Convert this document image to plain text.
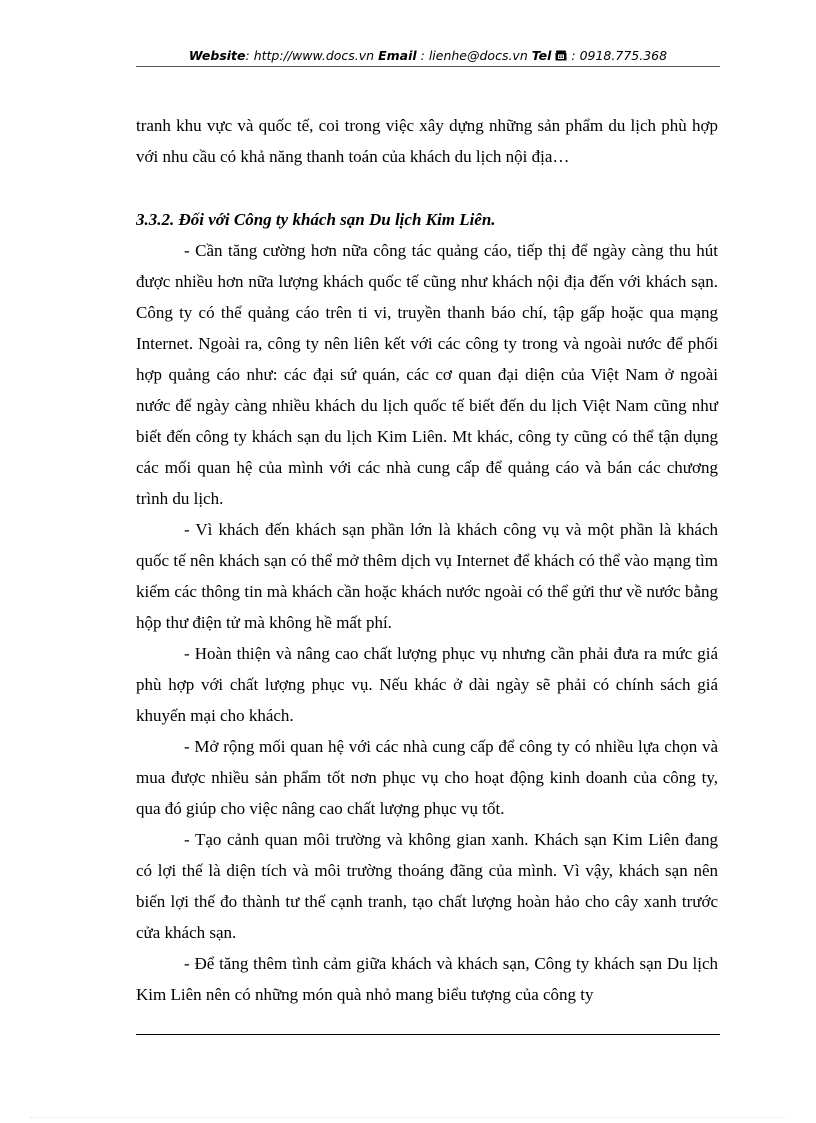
Website: http://www.docs.vn Email : lienhe@docs.vn Tel : 0918.775.368

tranh khu vực và quốc tế, coi trong việc xây dựng những sản phẩm du lịch phù hợp với nhu cầu có khả năng thanh toán của khách du lịch nội địa…

3.3.2. Đối với Công ty khách sạn Du lịch Kim Liên.

- Cần tăng cường hơn nữa công tác quảng cáo, tiếp thị để ngày càng thu hút được nhiều hơn nữa lượng khách quốc tế cũng như khách nội địa đến với khách sạn. Công ty có thể quảng cáo trên ti vi, truyền thanh báo chí, tập gấp hoặc qua mạng Internet. Ngoài ra, công ty nên liên kết với các công ty trong và ngoài nước để phối hợp quảng cáo như: các đại sứ quán, các cơ quan đại diện của Việt Nam ở ngoài nước để ngày càng nhiều khách du lịch quốc tế biết đến du lịch Việt Nam cũng như biết đến công ty khách sạn du lịch Kim Liên. Mt khác, công ty cũng có thể tận dụng các mối quan hệ của mình với các nhà cung cấp để quảng cáo và bán các chương trình du lịch.

- Vì khách đến khách sạn phần lớn là khách công vụ và một phần là khách quốc tế nên khách sạn có thể mở thêm dịch vụ Internet để khách có thể vào mạng tìm kiếm các thông tin mà khách cần hoặc khách nước ngoài có thể gửi thư về nước bằng hộp thư điện tử mà không hề mất phí.

- Hoàn thiện và nâng cao chất lượng phục vụ nhưng cần phải đưa ra mức giá phù hợp với chất lượng phục vụ. Nếu khác ở dài ngày sẽ phải có chính sách giá khuyến mại cho khách.

- Mở rộng mối quan hệ với các nhà cung cấp để công ty có nhiều lựa chọn và mua được nhiều sản phẩm tốt nơn phục vụ cho hoạt động kinh doanh của công ty, qua đó giúp cho việc nâng cao chất lượng phục vụ tốt.

- Tạo cảnh quan môi trường và không gian xanh. Khách sạn Kim Liên đang có lợi thế là diện tích và môi trường thoáng đãng của mình. Vì vậy, khách sạn nên biến lợi thế đo thành tư thế cạnh tranh, tạo chất lượng hoàn hảo cho cây xanh trước cửa khách sạn.

- Để tăng thêm tình cảm giữa khách và khách sạn, Công ty khách sạn Du lịch Kim Liên nên có những món quà nhỏ mang biểu tượng của công ty
